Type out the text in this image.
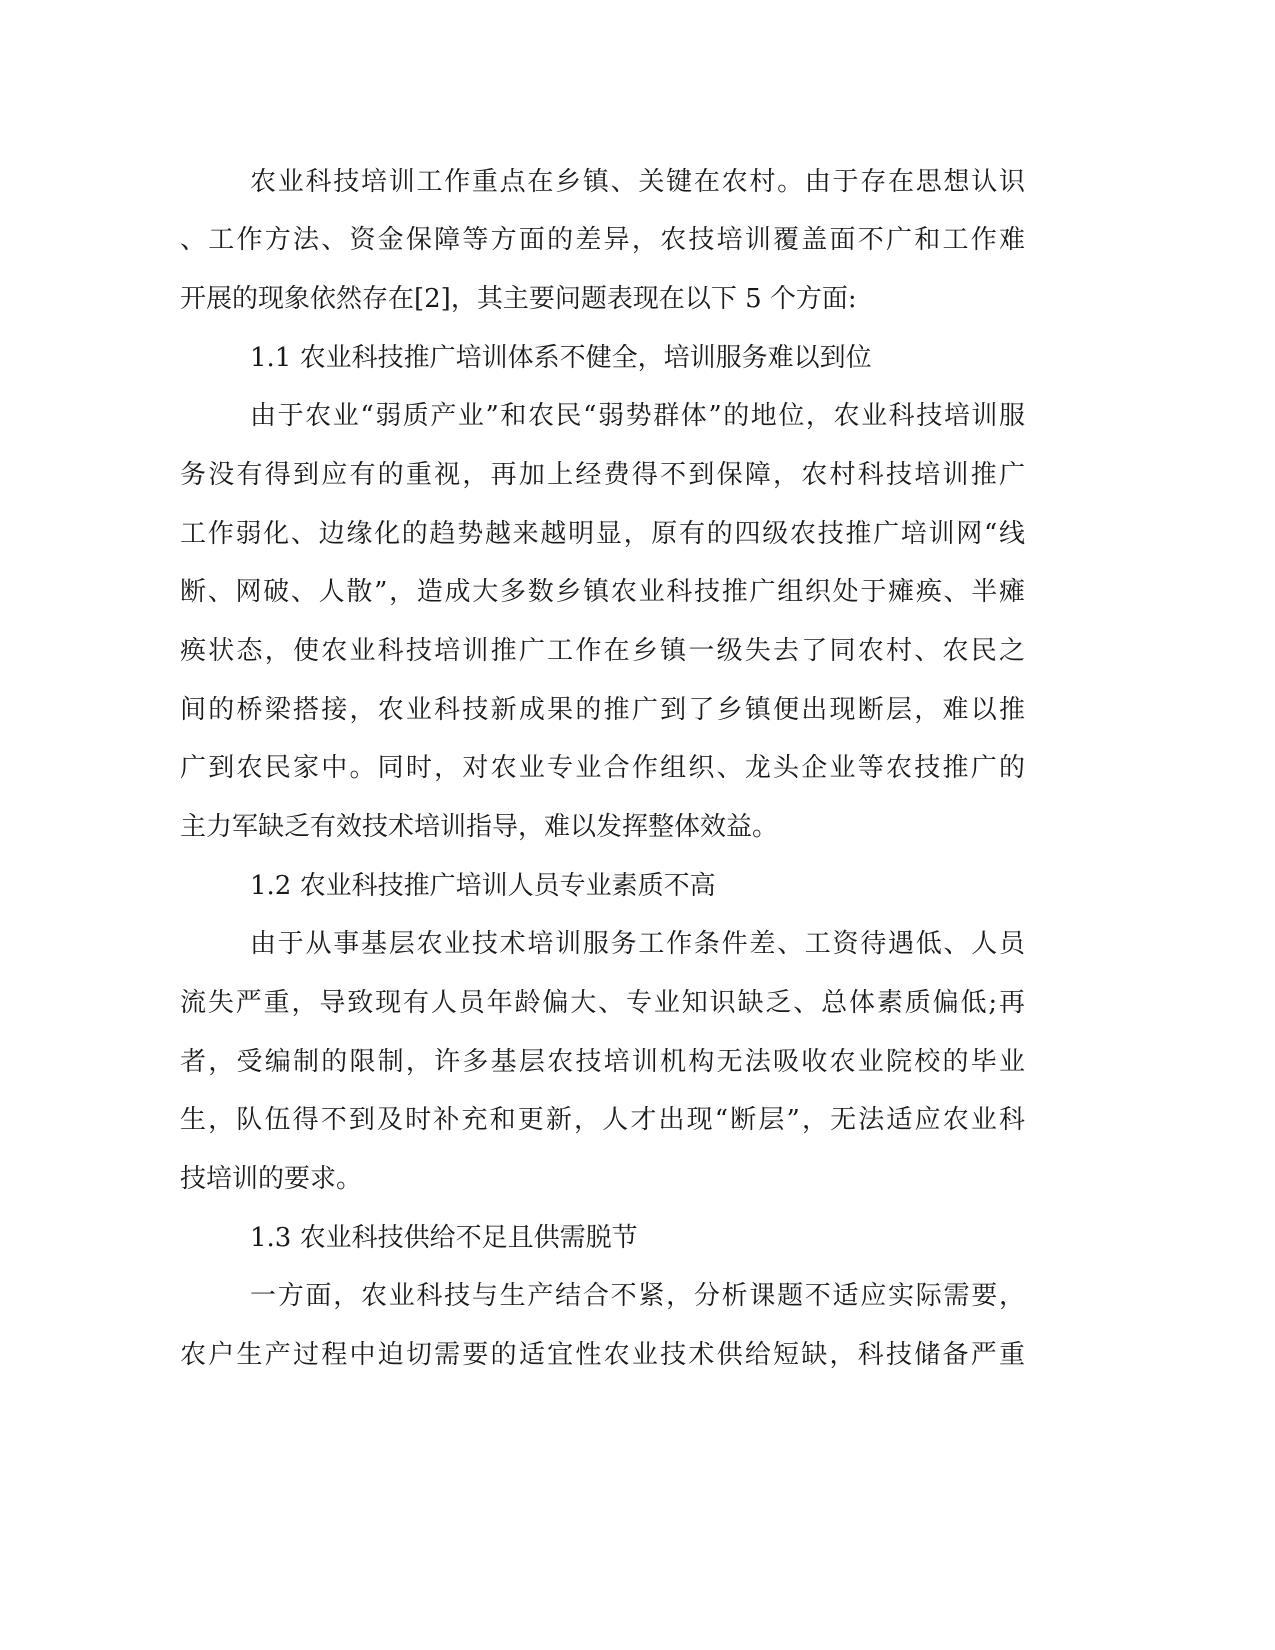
农业科技培训工作重点在乡镇、关键在农村。由于存在思想认识
、工作方法、资金保障等方面的差异，农技培训覆盖面不广和工作难
开展的现象依然存在[2]，其主要问题表现在以下 5 个方面:
1.1 农业科技推广培训体系不健全，培训服务难以到位
由于农业“弱质产业”和农民“弱势群体”的地位，农业科技培训服
务没有得到应有的重视，再加上经费得不到保障，农村科技培训推广
工作弱化、边缘化的趋势越来越明显，原有的四级农技推广培训网“线
断、网破、人散”，造成大多数乡镇农业科技推广组织处于瘫痪、半瘫
痪状态，使农业科技培训推广工作在乡镇一级失去了同农村、农民之
间的桥梁搭接，农业科技新成果的推广到了乡镇便出现断层，难以推
广到农民家中。同时，对农业专业合作组织、龙头企业等农技推广的
主力军缺乏有效技术培训指导，难以发挥整体效益。
1.2 农业科技推广培训人员专业素质不高
由于从事基层农业技术培训服务工作条件差、工资待遇低、人员
流失严重，导致现有人员年龄偏大、专业知识缺乏、总体素质偏低;再
者，受编制的限制，许多基层农技培训机构无法吸收农业院校的毕业
生，队伍得不到及时补充和更新，人才出现“断层”，无法适应农业科
技培训的要求。
1.3 农业科技供给不足且供需脱节
一方面，农业科技与生产结合不紧，分析课题不适应实际需要，
农户生产过程中迫切需要的适宜性农业技术供给短缺，科技储备严重
